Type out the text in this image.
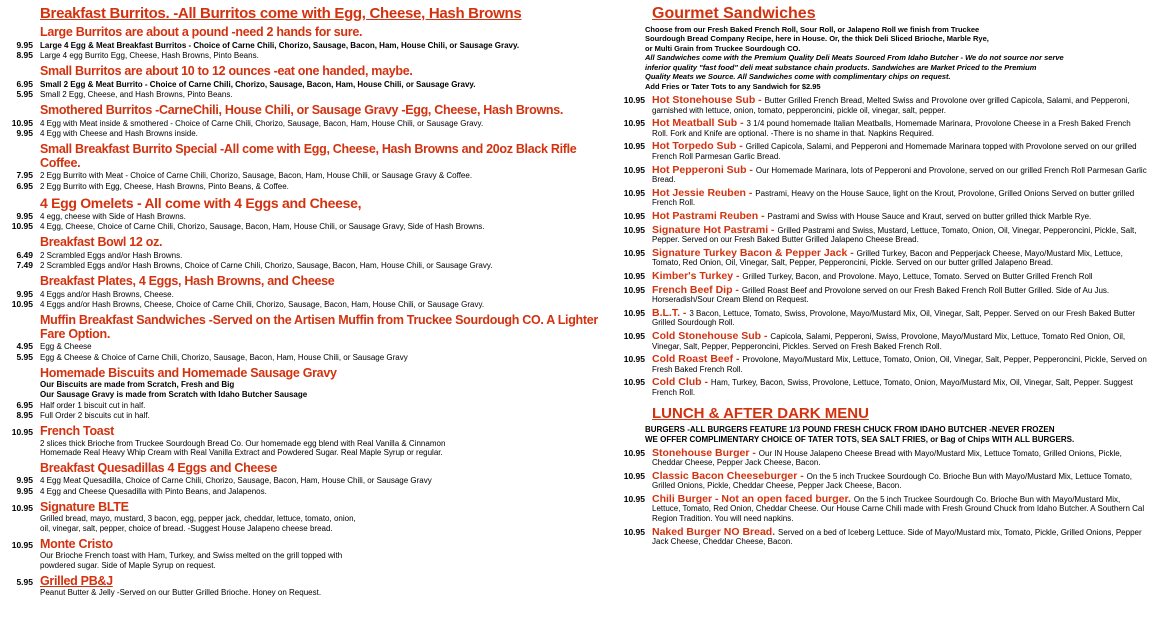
Breakfast Burritos. -All Burritos come with Egg, Cheese, Hash Browns
Large Burritos are about a pound -need 2 hands for sure.
9.95 Large 4 Egg & Meat Breakfast Burritos - Choice of Carne Chili, Chorizo, Sausage, Bacon, Ham, House Chili, or Sausage Gravy.
8.95 Large 4 egg Burrito Egg, Cheese, Hash Browns, Pinto Beans.
Small Burritos are about 10 to 12 ounces -eat one handed, maybe.
6.95 Small 2 Egg & Meat Burrito - Choice of Carne Chili, Chorizo, Sausage, Bacon, Ham, House Chili, or Sausage Gravy.
5.95 Small 2 Egg, Cheese, and Hash Browns, Pinto Beans.
Smothered Burritos -CarneChili, House Chili, or Sausage Gravy -Egg, Cheese, Hash Browns.
10.95 4 Egg with Meat inside & smothered - Choice of Carne Chili, Chorizo, Sausage, Bacon, Ham, House Chili, or Sausage Gravy.
9.95 4 Egg with Cheese and Hash Browns inside.
Small Breakfast Burrito Special -All come with Egg, Cheese, Hash Browns and 20oz Black Rifle Coffee.
7.95 2 Egg Burrito with Meat - Choice of Carne Chili, Chorizo, Sausage, Bacon, Ham, House Chili, or Sausage Gravy & Coffee.
6.95 2 Egg Burrito with Egg, Cheese, Hash Browns, Pinto Beans, & Coffee.
4 Egg Omelets - All come with 4 Eggs and Cheese,
9.95 4 egg, cheese with Side of Hash Browns.
10.95 4 Egg, Cheese, Choice of Carne Chili, Chorizo, Sausage, Bacon, Ham, House Chili, or Sausage Gravy, Side of Hash Browns.
Breakfast Bowl 12 oz.
6.49 2 Scrambled Eggs and/or Hash Browns.
7.49 2 Scrambled Eggs and/or Hash Browns, Choice of Carne Chili, Chorizo, Sausage, Bacon, Ham, House Chili, or Sausage Gravy.
Breakfast Plates, 4 Eggs, Hash Browns, and Cheese
9.95 4 Eggs and/or Hash Browns, Cheese.
10.95 4 Eggs and/or Hash Browns, Cheese, Choice of Carne Chili, Chorizo, Sausage, Bacon, Ham, House Chili, or Sausage Gravy.
Muffin Breakfast Sandwiches -Served on the Artisen Muffin from Truckee Sourdough CO. A Lighter Fare Option.
4.95 Egg & Cheese
5.95 Egg & Cheese & Choice of Carne Chili, Chorizo, Sausage, Bacon, Ham, House Chili, or Sausage Gravy
Homemade Biscuits and Homemade Sausage Gravy
Our Biscuits are made from Scratch, Fresh and Big
Our Sausage Gravy is made from Scratch with Idaho Butcher Sausage
6.95 Half order 1 biscuit cut in half.
8.95 Full Order 2 biscuits cut in half.
10.95 French Toast
2 slices thick Brioche from Truckee Sourdough Bread Co. Our homemade egg blend with Real Vanilla & Cinnamon
Homemade Real Heavy Whip Cream with Real Vanilla Extract and Powdered Sugar. Real Maple Syrup or regular.
Breakfast Quesadillas 4 Eggs and Cheese
9.95 4 Egg Meat Quesadilla, Choice of Carne Chili, Chorizo, Sausage, Bacon, Ham, House Chili, or Sausage Gravy
9.95 4 Egg and Cheese Quesadilla with Pinto Beans, and Jalapenos.
10.95 Signature BLTE
Grilled bread, mayo, mustard, 3 bacon, egg, pepper jack, cheddar, lettuce, tomato, onion,
oil, vinegar, salt, pepper, choice of bread. -Suggest House Jalapeno cheese bread.
10.95 Monte Cristo
Our Brioche French toast with Ham, Turkey, and Swiss melted on the grill topped with
powdered sugar. Side of Maple Syrup on request.
5.95 Grilled PB&J
Peanut Butter & Jelly -Served on our Butter Grilled Brioche. Honey on Request.
Gourmet Sandwiches
Choose from our Fresh Baked French Roll, Sour Roll, or Jalapeno Roll we finish from Truckee
Sourdough Bread Company Recipe, here in House. Or, the thick Deli Sliced Brioche, Marble Rye,
or Multi Grain from Truckee Sourdough CO.
All Sandwiches come with the Premium Quality Deli Meats Sourced From Idaho Butcher - We do not source nor serve
inferior quality "fast food" deli meat substance chain products. Sandwiches are Market Priced to the Premium
Quality Meats we Source. All Sandwiches come with complimentary chips on request.
Add Fries or Tater Tots to any Sandwich for $2.95
10.95 Hot Stonehouse Sub - Butter Grilled French Bread, Melted Swiss and Provolone over grilled Capicola, Salami, and Pepperoni, garnished with lettuce, onion, tomato, pepperoncini, pickle oil, vinegar, salt, pepper.
10.95 Hot Meatball Sub - 3 1/4 pound homemade Italian Meatballs, Homemade Marinara, Provolone Cheese in a Fresh Baked French Roll. Fork and Knife are optional. -There is no shame in that. Napkins Required.
10.95 Hot Torpedo Sub - Grilled Capicola, Salami, and Pepperoni and Homemade Marinara topped with Provolone served on our grilled French Roll Parmesan Garlic Bread.
10.95 Hot Pepperoni Sub - Our Homemade Marinara, lots of Pepperoni and Provolone, served on our grilled French Roll Parmesan Garlic Bread.
10.95 Hot Jessie Reuben - Pastrami, Heavy on the House Sauce, light on the Krout, Provolone, Grilled Onions Served on butter grilled French Roll.
10.95 Hot Pastrami Reuben - Pastrami and Swiss with House Sauce and Kraut, served on butter grilled thick Marble Rye.
10.95 Signature Hot Pastrami - Grilled Pastrami and Swiss, Mustard, Lettuce, Tomato, Onion, Oil, Vinegar, Pepperoncini, Pickle, Salt, Pepper. Served on our Fresh Baked Butter Grilled Jalapeno Cheese Bread.
10.95 Signature Turkey Bacon & Pepper Jack - Grilled Turkey, Bacon and Pepperjack Cheese, Mayo/Mustard Mix, Lettuce, Tomato, Red Onion, Oil, Vinegar, Salt, Pepper, Pepperoncini, Pickle. Served on our butter grilled Jalapeno Bread.
10.95 Kimber's Turkey - Grilled Turkey, Bacon, and Provolone. Mayo, Lettuce, Tomato. Served on Butter Grilled French Roll
10.95 French Beef Dip - Grilled Roast Beef and Provolone served on our Fresh Baked French Roll Butter Grilled. Side of Au Jus. Horseradish/Sour Cream Blend on Request.
10.95 B.L.T. - 3 Bacon, Lettuce, Tomato, Swiss, Provolone, Mayo/Mustard Mix, Oil, Vinegar, Salt, Pepper. Served on our Fresh Baked Butter Grilled Sourdough Roll.
10.95 Cold Stonehouse Sub - Capicola, Salami, Pepperoni, Swiss, Provolone, Mayo/Mustard Mix, Lettuce, Tomato Red Onion, Oil, Vinegar, Salt, Pepper, Pepperoncini, Pickles. Served on Fresh Baked French Roll.
10.95 Cold Roast Beef - Provolone, Mayo/Mustard Mix, Lettuce, Tomato, Onion, Oil, Vinegar, Salt, Pepper, Pepperoncini, Pickle, Served on Fresh Baked French Roll.
10.95 Cold Club - Ham, Turkey, Bacon, Swiss, Provolone, Lettuce, Tomato, Onion, Mayo/Mustard Mix, Oil, Vinegar, Salt, Pepper. Suggest French Roll.
LUNCH & AFTER DARK MENU
BURGERS -ALL BURGERS FEATURE 1/3 POUND FRESH CHUCK FROM IDAHO BUTCHER -NEVER FROZEN
WE OFFER COMPLIMENTARY CHOICE OF TATER TOTS, SEA SALT FRIES, or Bag of Chips WITH ALL BURGERS.
10.95 Stonehouse Burger - Our IN House Jalapeno Cheese Bread with Mayo/Mustard Mix, Lettuce Tomato, Grilled Onions, Pickle, Cheddar Cheese, Pepper Jack Cheese, Bacon.
10.95 Classic Bacon Cheeseburger - On the 5 inch Truckee Sourdough Co. Brioche Bun with Mayo/Mustard Mix, Lettuce Tomato, Grilled Onions, Pickle, Cheddar Cheese, Pepper Jack Cheese, Bacon.
10.95 Chili Burger - Not an open faced burger. On the 5 inch Truckee Sourdough Co. Brioche Bun with Mayo/Mustard Mix, Lettuce, Tomato, Red Onion, Cheddar Cheese. Our House Carne Chili made with Fresh Ground Chuck from Idaho Butcher. A Southern Cal Region Tradition. You will need napkins.
10.95 Naked Burger NO Bread. Served on a bed of Iceberg Lettuce. Side of Mayo/Mustard mix, Tomato, Pickle, Grilled Onions, Pepper Jack Cheese, Cheddar Cheese, Bacon.
